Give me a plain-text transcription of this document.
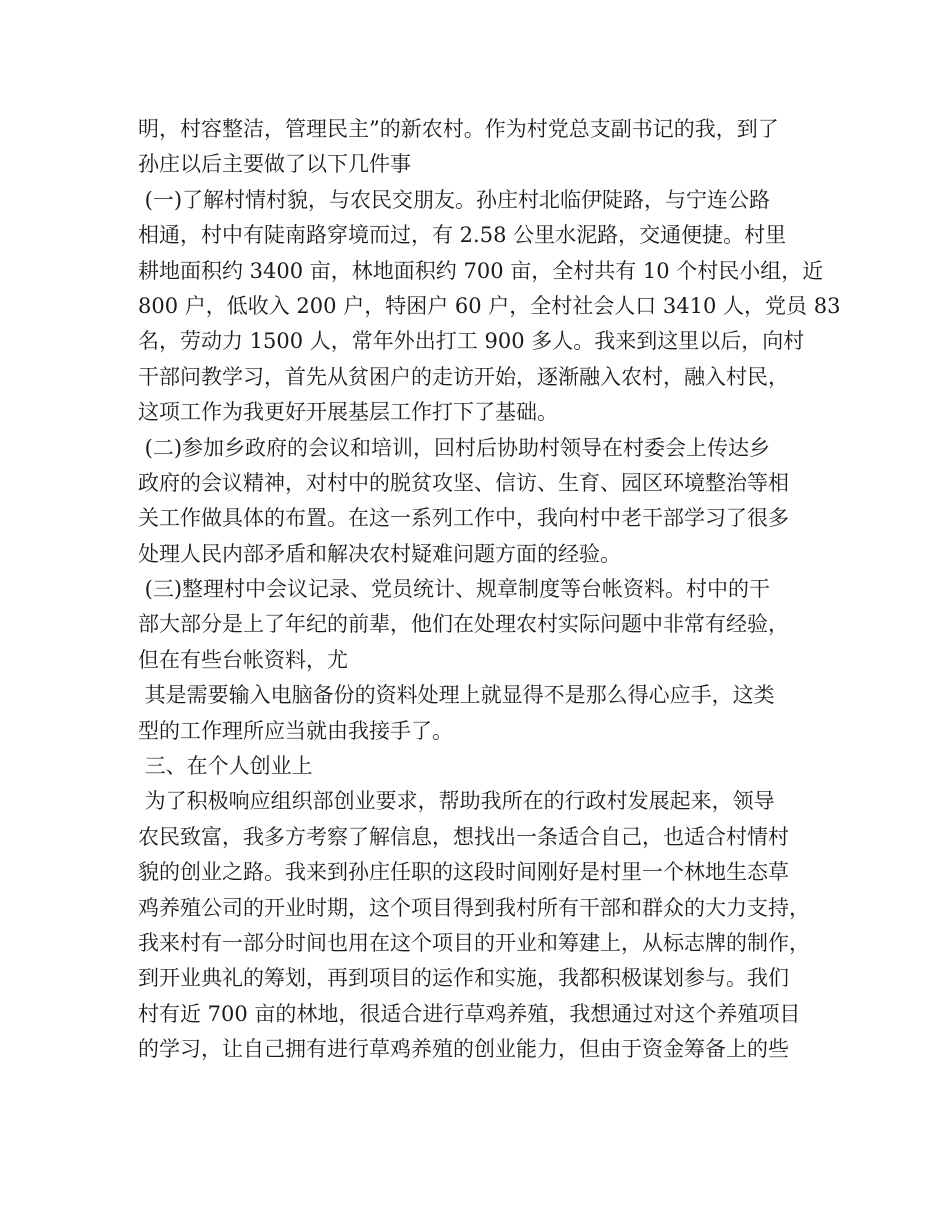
明，村容整洁，管理民主”的新农村。作为村党总支副书记的我，到了
孙庄以后主要做了以下几件事
(一)了解村情村貌，与农民交朋友。孙庄村北临伊陡路，与宁连公路
相通，村中有陡南路穿境而过，有 2.58 公里水泥路，交通便捷。村里
耕地面积约 3400 亩，林地面积约 700 亩，全村共有 10 个村民小组，近
800 户，低收入 200 户，特困户 60 户，全村社会人口 3410 人，党员 83
名，劳动力 1500 人，常年外出打工 900 多人。我来到这里以后，向村
干部问教学习，首先从贫困户的走访开始，逐渐融入农村，融入村民，
这项工作为我更好开展基层工作打下了基础。
(二)参加乡政府的会议和培训，回村后协助村领导在村委会上传达乡
政府的会议精神，对村中的脱贫攻坚、信访、生育、园区环境整治等相
关工作做具体的布置。在这一系列工作中，我向村中老干部学习了很多
处理人民内部矛盾和解决农村疑难问题方面的经验。
(三)整理村中会议记录、党员统计、规章制度等台帐资料。村中的干
部大部分是上了年纪的前辈，他们在处理农村实际问题中非常有经验，
但在有些台帐资料，尤
其是需要输入电脑备份的资料处理上就显得不是那么得心应手，这类
型的工作理所应当就由我接手了。
三、在个人创业上
为了积极响应组织部创业要求，帮助我所在的行政村发展起来，领导
农民致富，我多方考察了解信息，想找出一条适合自己，也适合村情村
貌的创业之路。我来到孙庄任职的这段时间刚好是村里一个林地生态草
鸡养殖公司的开业时期，这个项目得到我村所有干部和群众的大力支持，
我来村有一部分时间也用在这个项目的开业和筹建上，从标志牌的制作，
到开业典礼的筹划，再到项目的运作和实施，我都积极谋划参与。我们
村有近 700 亩的林地，很适合进行草鸡养殖，我想通过对这个养殖项目
的学习，让自己拥有进行草鸡养殖的创业能力，但由于资金筹备上的些
